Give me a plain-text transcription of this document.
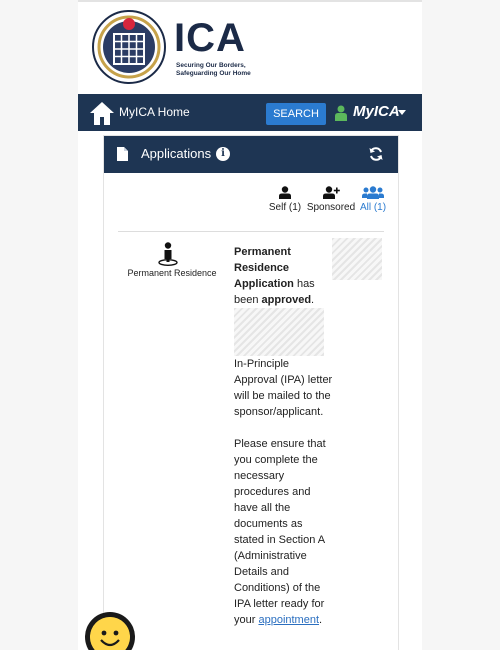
ICA
Securing Our Borders,
Safeguarding Our Home
MyICA Home	SEARCH	MyICA
Applications i
Self (1) Sponsored All (1)
Permanent Residence

Permanent Residence Application has been approved.

In-Principle Approval (IPA) letter will be mailed to the sponsor/applicant.

Please ensure that you complete the necessary procedures and have all the documents as stated in Section A (Administrative Details and Conditions) of the IPA letter ready for your appointment.
